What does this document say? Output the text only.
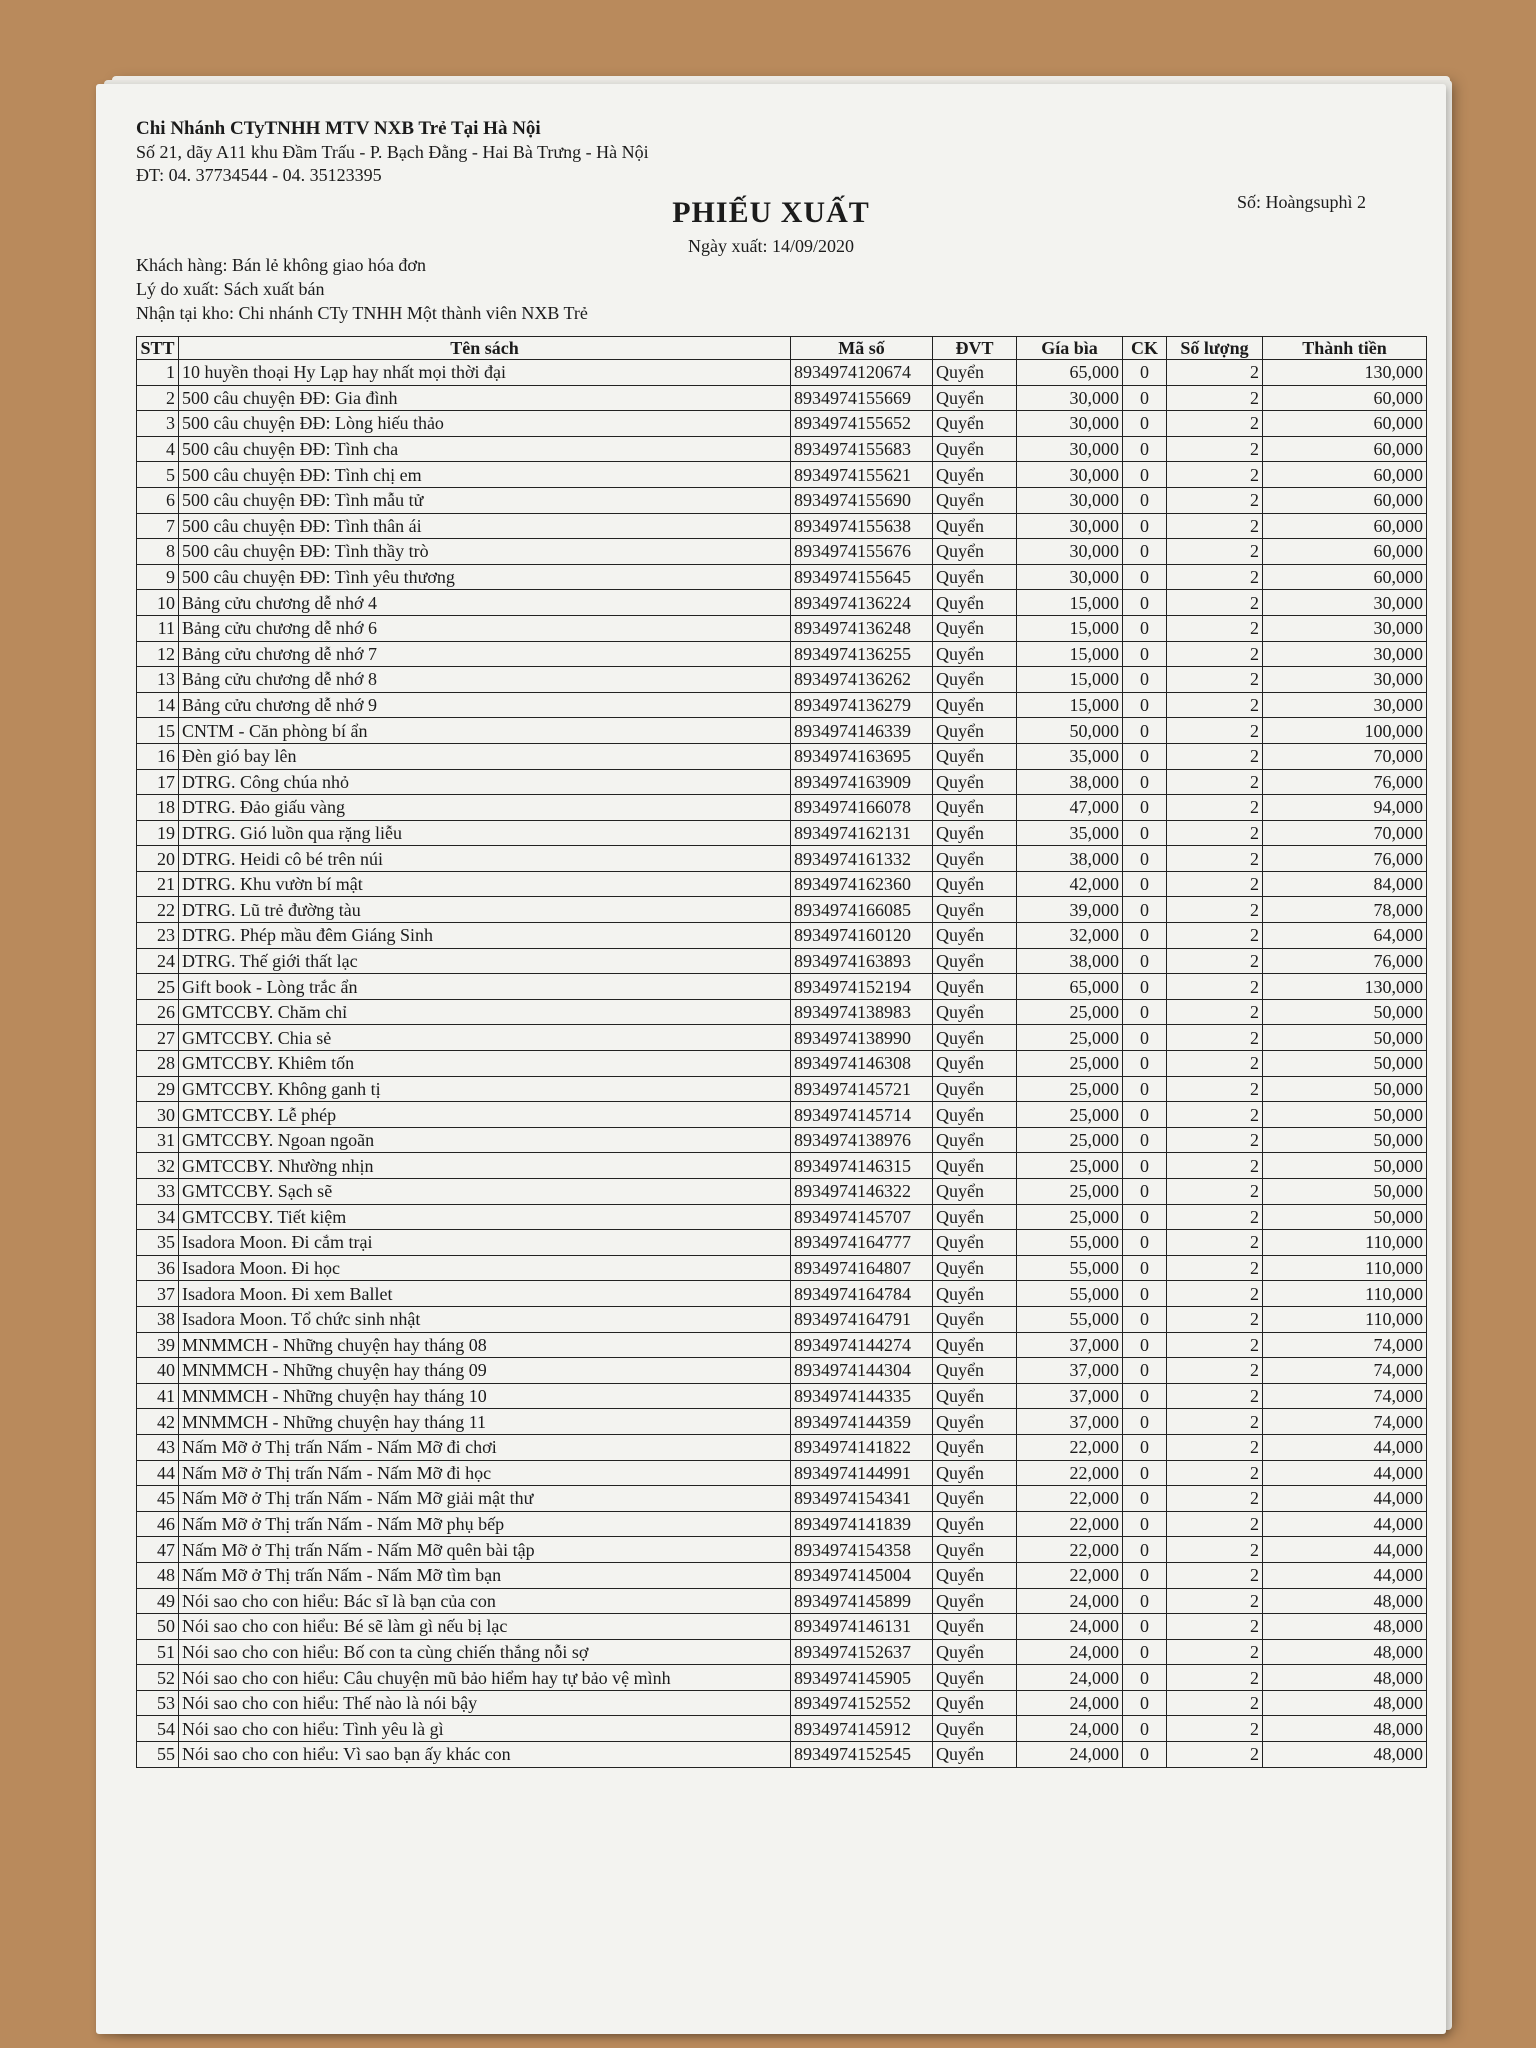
Chi Nhánh CTyTNHH MTV NXB Trẻ Tại Hà Nội
Số 21, dãy A11 khu Đầm Trấu - P. Bạch Đằng - Hai Bà Trưng - Hà Nội
ĐT: 04. 37734544 - 04. 35123395
PHIẾU XUẤT
Ngày xuất: 14/09/2020
Số: Hoàngsuphì 2
Khách hàng: Bán lẻ không giao hóa đơn
Lý do xuất: Sách xuất bán
Nhận tại kho: Chi nhánh CTy TNHH Một thành viên NXB Trẻ
STT	Tên sách	Mã số	ĐVT	Gía bìa	CK	Số lượng	Thành tiền
1	10 huyền thoại Hy Lạp hay nhất mọi thời đại	8934974120674	Quyển	65,000	0	2	130,000
2	500 câu chuyện ĐĐ: Gia đình	8934974155669	Quyển	30,000	0	2	60,000
3	500 câu chuyện ĐĐ: Lòng hiếu thảo	8934974155652	Quyển	30,000	0	2	60,000
4	500 câu chuyện ĐĐ: Tình cha	8934974155683	Quyển	30,000	0	2	60,000
5	500 câu chuyện ĐĐ: Tình chị em	8934974155621	Quyển	30,000	0	2	60,000
6	500 câu chuyện ĐĐ: Tình mẫu tử	8934974155690	Quyển	30,000	0	2	60,000
7	500 câu chuyện ĐĐ: Tình thân ái	8934974155638	Quyển	30,000	0	2	60,000
8	500 câu chuyện ĐĐ: Tình thầy trò	8934974155676	Quyển	30,000	0	2	60,000
9	500 câu chuyện ĐĐ: Tình yêu thương	8934974155645	Quyển	30,000	0	2	60,000
10	Bảng cửu chương dễ nhớ 4	8934974136224	Quyển	15,000	0	2	30,000
11	Bảng cửu chương dễ nhớ 6	8934974136248	Quyển	15,000	0	2	30,000
12	Bảng cửu chương dễ nhớ 7	8934974136255	Quyển	15,000	0	2	30,000
13	Bảng cửu chương dễ nhớ 8	8934974136262	Quyển	15,000	0	2	30,000
14	Bảng cửu chương dễ nhớ 9	8934974136279	Quyển	15,000	0	2	30,000
15	CNTM - Căn phòng bí ẩn	8934974146339	Quyển	50,000	0	2	100,000
16	Đèn gió bay lên	8934974163695	Quyển	35,000	0	2	70,000
17	DTRG. Công chúa nhỏ	8934974163909	Quyển	38,000	0	2	76,000
18	DTRG. Đảo giấu vàng	8934974166078	Quyển	47,000	0	2	94,000
19	DTRG. Gió luồn qua rặng liễu	8934974162131	Quyển	35,000	0	2	70,000
20	DTRG. Heidi cô bé trên núi	8934974161332	Quyển	38,000	0	2	76,000
21	DTRG. Khu vườn bí mật	8934974162360	Quyển	42,000	0	2	84,000
22	DTRG. Lũ trẻ đường tàu	8934974166085	Quyển	39,000	0	2	78,000
23	DTRG. Phép mầu đêm Giáng Sinh	8934974160120	Quyển	32,000	0	2	64,000
24	DTRG. Thế giới thất lạc	8934974163893	Quyển	38,000	0	2	76,000
25	Gift book - Lòng trắc ẩn	8934974152194	Quyển	65,000	0	2	130,000
26	GMTCCBY. Chăm chỉ	8934974138983	Quyển	25,000	0	2	50,000
27	GMTCCBY. Chia sẻ	8934974138990	Quyển	25,000	0	2	50,000
28	GMTCCBY. Khiêm tốn	8934974146308	Quyển	25,000	0	2	50,000
29	GMTCCBY. Không ganh tị	8934974145721	Quyển	25,000	0	2	50,000
30	GMTCCBY. Lễ phép	8934974145714	Quyển	25,000	0	2	50,000
31	GMTCCBY. Ngoan ngoãn	8934974138976	Quyển	25,000	0	2	50,000
32	GMTCCBY. Nhường nhịn	8934974146315	Quyển	25,000	0	2	50,000
33	GMTCCBY. Sạch sẽ	8934974146322	Quyển	25,000	0	2	50,000
34	GMTCCBY. Tiết kiệm	8934974145707	Quyển	25,000	0	2	50,000
35	Isadora Moon. Đi cắm trại	8934974164777	Quyển	55,000	0	2	110,000
36	Isadora Moon. Đi học	8934974164807	Quyển	55,000	0	2	110,000
37	Isadora Moon. Đi xem Ballet	8934974164784	Quyển	55,000	0	2	110,000
38	Isadora Moon. Tổ chức sinh nhật	8934974164791	Quyển	55,000	0	2	110,000
39	MNMMCH - Những chuyện hay tháng 08	8934974144274	Quyển	37,000	0	2	74,000
40	MNMMCH - Những chuyện hay tháng 09	8934974144304	Quyển	37,000	0	2	74,000
41	MNMMCH - Những chuyện hay tháng 10	8934974144335	Quyển	37,000	0	2	74,000
42	MNMMCH - Những chuyện hay tháng 11	8934974144359	Quyển	37,000	0	2	74,000
43	Nấm Mỡ ở Thị trấn Nấm - Nấm Mỡ đi chơi	8934974141822	Quyển	22,000	0	2	44,000
44	Nấm Mỡ ở Thị trấn Nấm - Nấm Mỡ đi học	8934974144991	Quyển	22,000	0	2	44,000
45	Nấm Mỡ ở Thị trấn Nấm - Nấm Mỡ giải mật thư	8934974154341	Quyển	22,000	0	2	44,000
46	Nấm Mỡ ở Thị trấn Nấm - Nấm Mỡ phụ bếp	8934974141839	Quyển	22,000	0	2	44,000
47	Nấm Mỡ ở Thị trấn Nấm - Nấm Mỡ quên bài tập	8934974154358	Quyển	22,000	0	2	44,000
48	Nấm Mỡ ở Thị trấn Nấm - Nấm Mỡ tìm bạn	8934974145004	Quyển	22,000	0	2	44,000
49	Nói sao cho con hiểu: Bác sĩ là bạn của con	8934974145899	Quyển	24,000	0	2	48,000
50	Nói sao cho con hiểu: Bé sẽ làm gì nếu bị lạc	8934974146131	Quyển	24,000	0	2	48,000
51	Nói sao cho con hiểu: Bố con ta cùng chiến thắng nỗi sợ	8934974152637	Quyển	24,000	0	2	48,000
52	Nói sao cho con hiểu: Câu chuyện mũ bảo hiểm hay tự bảo vệ mình	8934974145905	Quyển	24,000	0	2	48,000
53	Nói sao cho con hiểu: Thế nào là nói bậy	8934974152552	Quyển	24,000	0	2	48,000
54	Nói sao cho con hiểu: Tình yêu là gì	8934974145912	Quyển	24,000	0	2	48,000
55	Nói sao cho con hiểu: Vì sao bạn ấy khác con	8934974152545	Quyển	24,000	0	2	48,000
